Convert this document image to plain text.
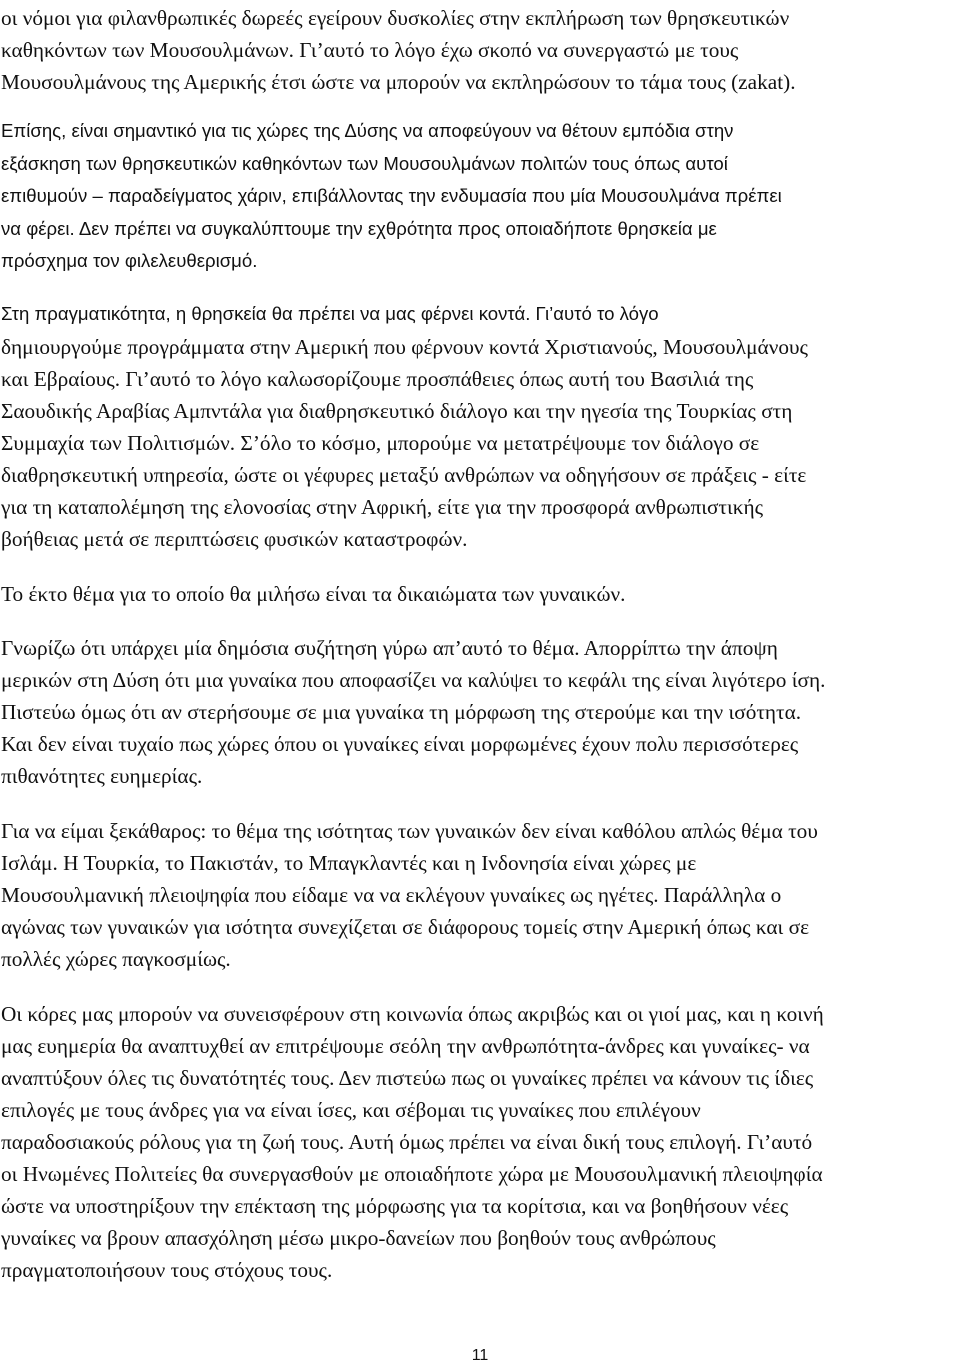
οι νόμοι για φιλανθρωπικές δωρεές εγείρουν δυσκολίες στην εκπλήρωση των θρησκευτικών
καθηκόντων των Μουσουλμάνων. Γι’αυτό το λόγο έχω σκοπό να συνεργαστώ με τους
Μουσουλμάνους της Αμερικής έτσι ώστε να μπορούν να εκπληρώσουν το τάμα τους (zakat).
Επίσης, είναι σημαντικό για τις χώρες της Δύσης να αποφεύγουν να θέτουν εμπόδια στην
εξάσκηση των θρησκευτικών καθηκόντων των Μουσουλμάνων πολιτών τους όπως αυτοί
επιθυμούν – παραδείγματος χάριν, επιβάλλοντας την ενδυμασία που μία Μουσουλμάνα πρέπει
να φέρει. Δεν πρέπει να συγκαλύπτουμε την εχθρότητα προς οποιαδήποτε θρησκεία με
πρόσχημα τον φιλελευθερισμό.
Στη πραγματικότητα, η θρησκεία θα πρέπει να μας φέρνει κοντά. Γι’αυτό το λόγο
δημιουργούμε προγράμματα στην Αμερική που φέρνουν κοντά Χριστιανούς, Μουσουλμάνους
και Εβραίους. Γι’αυτό το λόγο καλωσορίζουμε προσπάθειες όπως αυτή του Βασιλιά της
Σαουδικής Αραβίας Αμπντάλα για διαθρησκευτικό διάλογο και την ηγεσία της Τουρκίας στη
Συμμαχία των Πολιτισμών. Σ’όλο το κόσμο, μπορούμε να μετατρέψουμε τον διάλογο σε
διαθρησκευτική υπηρεσία, ώστε οι γέφυρες μεταξύ ανθρώπων να οδηγήσουν σε πράξεις - είτε
για τη καταπολέμηση της ελονοσίας στην Αφρική, είτε για την προσφορά ανθρωπιστικής
βοήθειας μετά σε περιπτώσεις φυσικών καταστροφών.
Το έκτο θέμα για το οποίο θα μιλήσω είναι τα δικαιώματα των γυναικών.
Γνωρίζω ότι υπάρχει μία δημόσια συζήτηση γύρω απ’αυτό το θέμα. Απορρίπτω την άποψη
μερικών στη Δύση ότι μια γυναίκα που αποφασίζει να καλύψει το κεφάλι της είναι λιγότερο ίση.
Πιστεύω όμως ότι αν στερήσουμε σε μια γυναίκα τη μόρφωση της στερούμε και την ισότητα.
Και δεν είναι τυχαίο πως χώρες όπου οι γυναίκες είναι μορφωμένες έχουν πολυ περισσότερες
πιθανότητες ευημερίας.
Για να είμαι ξεκάθαρος: το θέμα της ισότητας των γυναικών δεν είναι καθόλου απλώς θέμα του
Ισλάμ. Η Τουρκία, το Πακιστάν, το Μπαγκλαντές και η Ινδονησία είναι χώρες με
Μουσουλμανική πλειοψηφία που είδαμε να να εκλέγουν γυναίκες ως ηγέτες. Παράλληλα ο
αγώνας των γυναικών για ισότητα συνεχίζεται σε διάφορους τομείς στην Αμερική όπως και σε
πολλές χώρες παγκοσμίως.
Οι κόρες μας μπορούν να συνεισφέρουν στη κοινωνία όπως ακριβώς και οι γιοί μας, και η κοινή
μας ευημερία θα αναπτυχθεί αν επιτρέψουμε σεόλη την ανθρωπότητα-άνδρες και γυναίκες- να
αναπτύξουν όλες τις δυνατότητές τους. Δεν πιστεύω πως οι γυναίκες πρέπει να κάνουν τις ίδιες
επιλογές με τους άνδρες για να είναι ίσες, και σέβομαι τις γυναίκες που επιλέγουν
παραδοσιακούς ρόλους για τη ζωή τους. Αυτή όμως πρέπει να είναι δική τους επιλογή. Γι’αυτό
οι Ηνωμένες Πολιτείες θα συνεργασθούν με οποιαδήποτε χώρα με Μουσουλμανική πλειοψηφία
ώστε να υποστηρίξουν την επέκταση της μόρφωσης για τα κορίτσια, και να βοηθήσουν νέες
γυναίκες να βρουν απασχόληση μέσω μικρο-δανείων που βοηθούν τους ανθρώπους
πραγματοποιήσουν τους στόχους τους.
11
